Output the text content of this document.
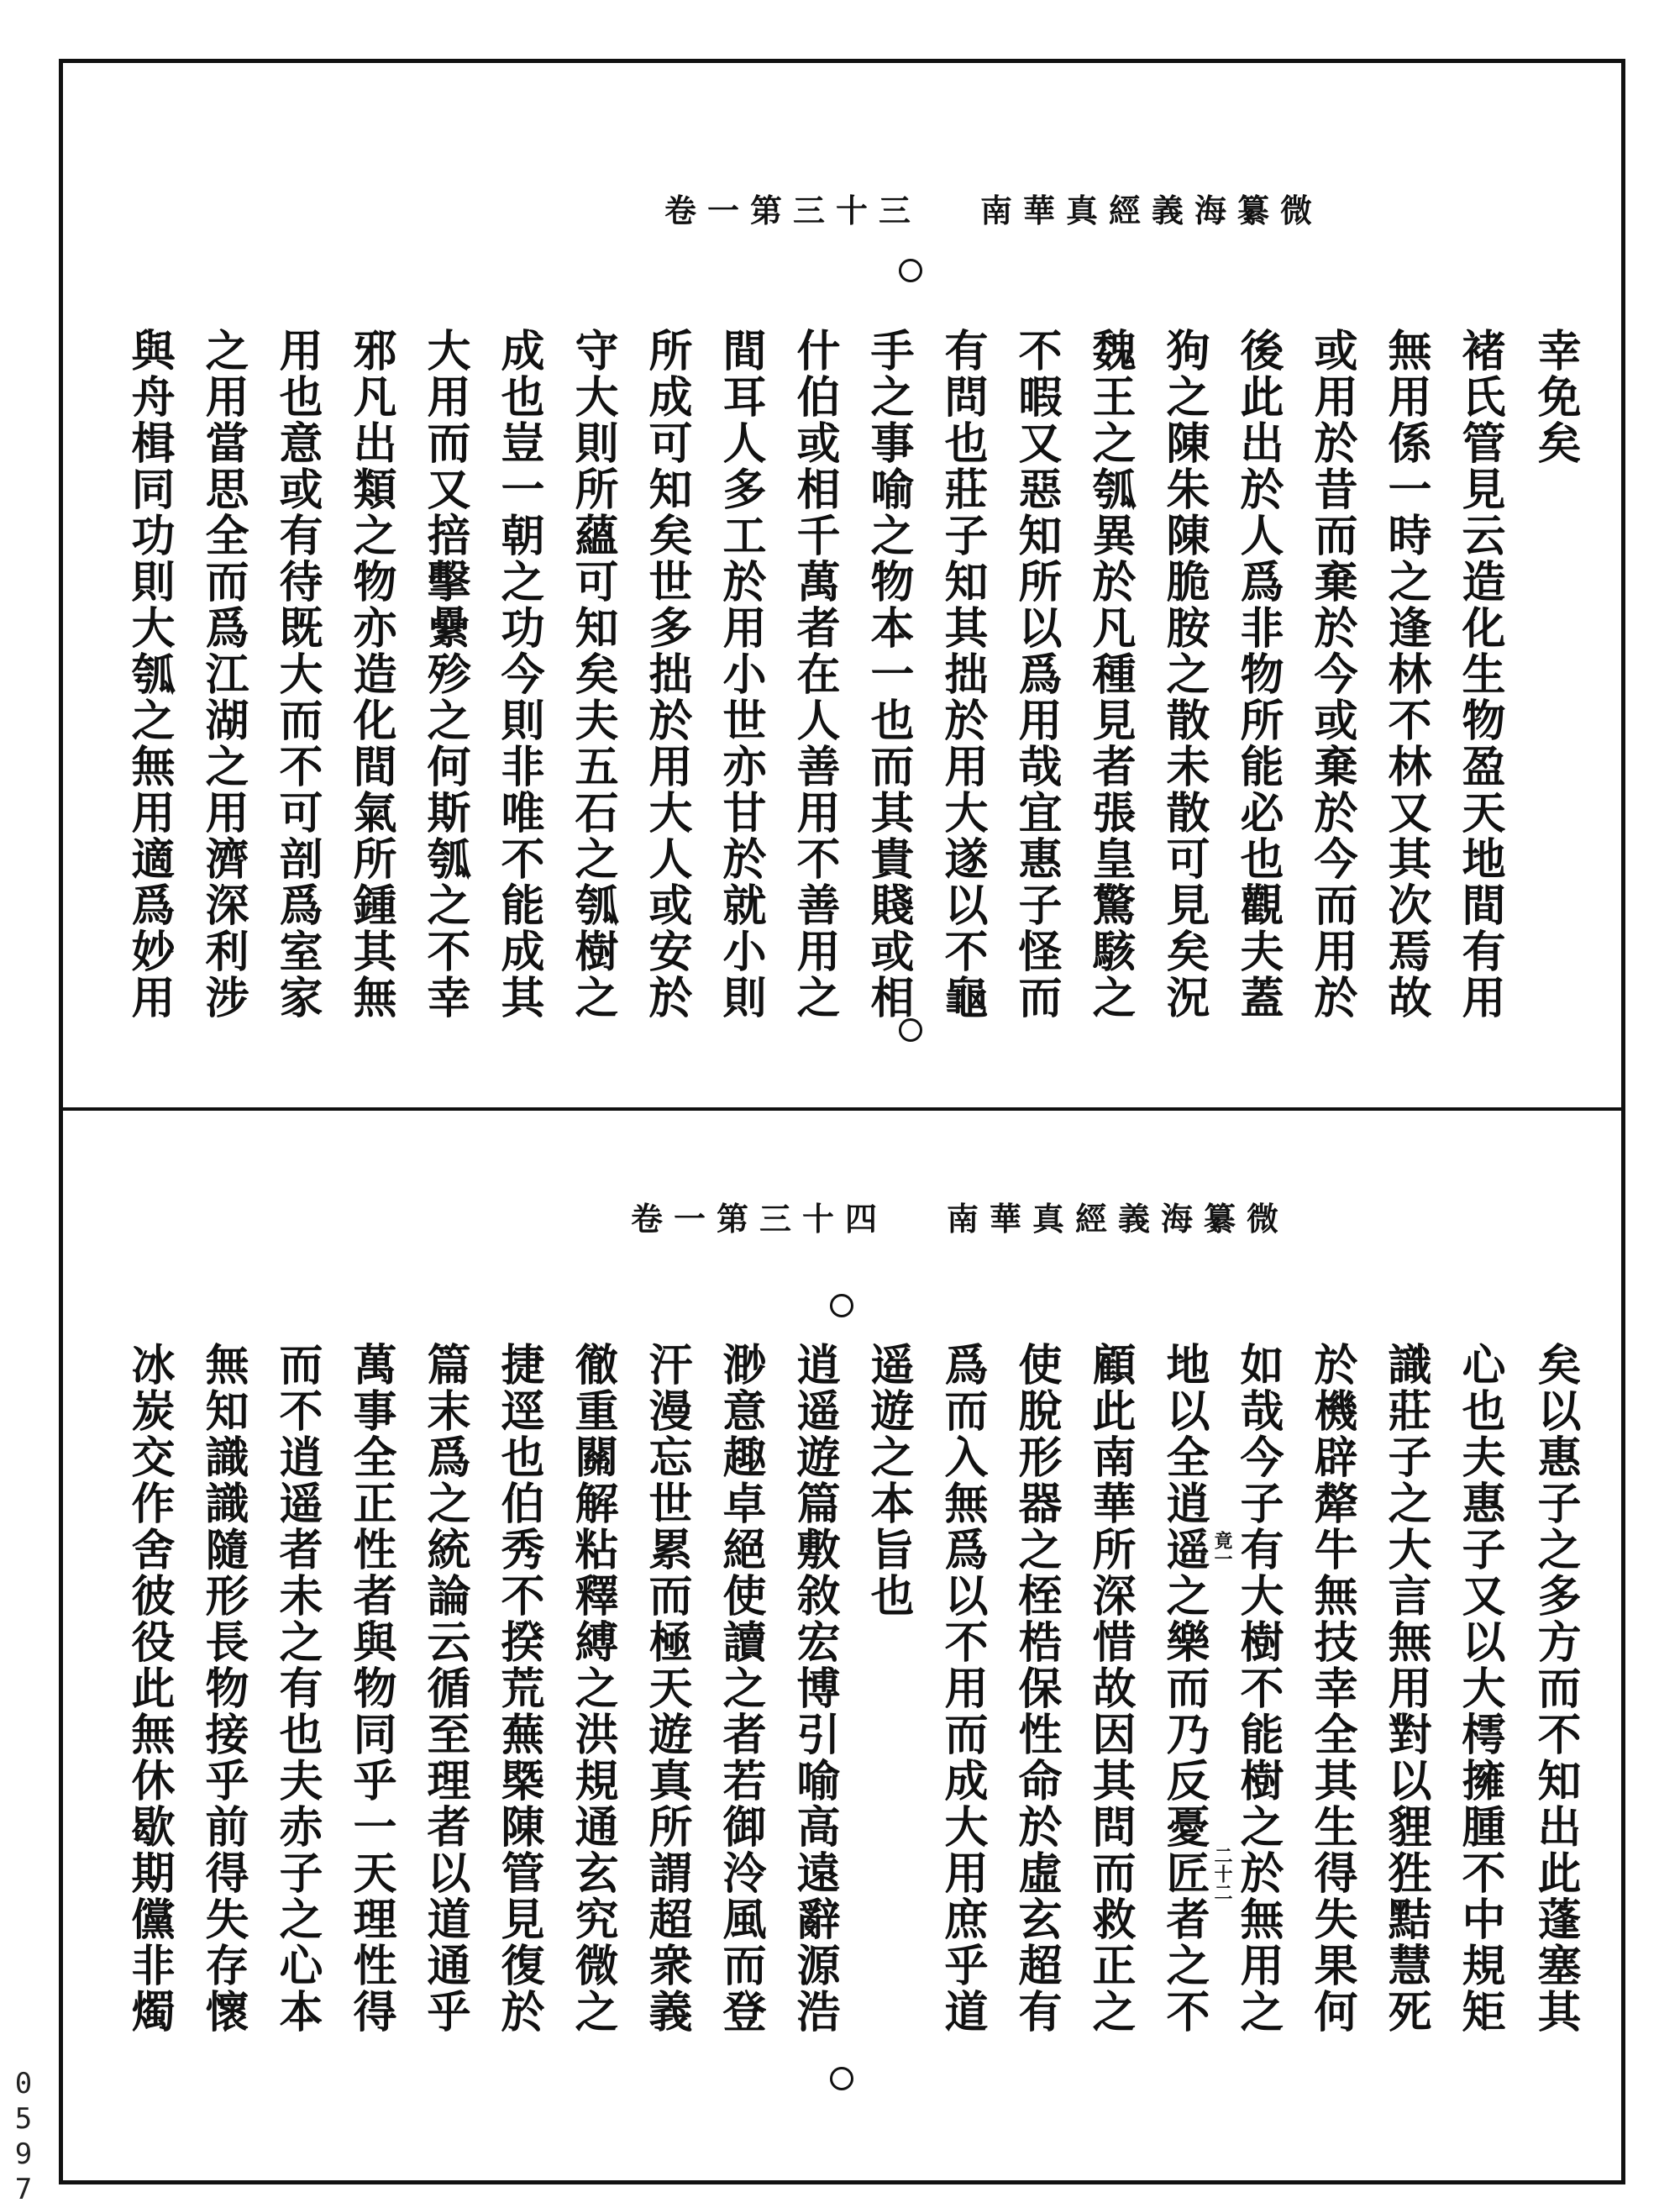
南華真經義海纂微
卷一第三十三
幸免矣
褚氏管見云造化生物盈天地間有用
無用係一時之逢林不林又其次焉故
或用於昔而棄於今或棄於今而用於
後此出於人爲非物所能必也觀夫蓋
狗之陳朱陳脆胺之散未散可見矣況
魏王之瓠異於凡種見者張皇驚駭之
不暇又惡知所以爲用哉宜惠子怪而
有問也莊子知其拙於用大遂以不龜
手之事喻之物本一也而其貴賤或相
什伯或相千萬者在人善用不善用之
間耳人多工於用小世亦甘於就小則
所成可知矣世多拙於用大人或安於
守大則所蘊可知矣夫五石之瓠樹之
成也豈一朝之功今則非唯不能成其
大用而又掊擊纍殄之何斯瓠之不幸
邪凡出類之物亦造化間氣所鍾其無
用也意或有待既大而不可剖爲室家
之用當思全而爲江湖之用濟深利涉
與舟楫同功則大瓠之無用適爲妙用
南華真經義海纂微
卷一第三十四
竟一
二十二	矣以惠子之多方而不知出此蓬塞其
心也夫惠子又以大樗擁腫不中規矩
識莊子之大言無用對以貍狌黠慧死
於機辟犛牛無技幸全其生得失果何
如哉今子有大樹不能樹之於無用之
地以全逍遥之樂而乃反憂匠者之不
顧此南華所深惜故因其問而救正之
使脫形器之桎梏保性命於虛玄超有
爲而入無爲以不用而成大用庶乎道
遥遊之本旨也
逍遥遊篇敷敘宏博引喻高遠辭源浩
渺意趣卓絕使讀之者若御泠風而登
汗漫忘世累而極天遊真所謂超衆義
徹重關解粘釋縛之洪規通玄究微之
捷逕也伯秀不揆荒蕪槩陳管見復於
篇末爲之統論云循至理者以道通乎
萬事全正性者與物同乎一天理性得
而不逍遥者未之有也夫赤子之心本
無知識識隨形長物接乎前得失存懷
冰炭交作舍彼役此無休歇期儻非燭
0597
